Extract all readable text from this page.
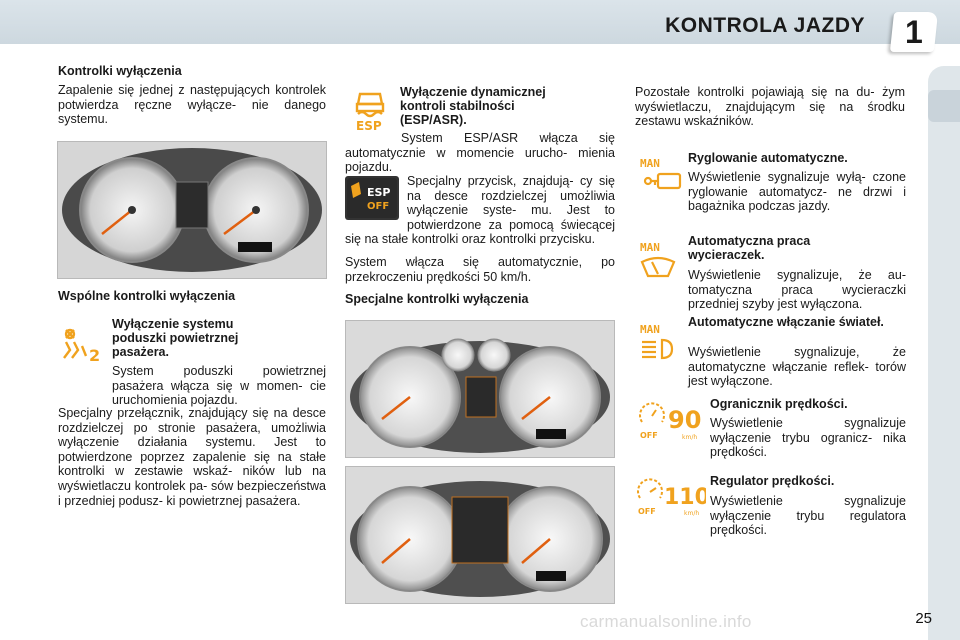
KONTROLA JAZDY	1
Kontrolki wyłączenia
Zapalenie się jednej z następujących kontrolek potwierdza ręczne wyłącze- nie danego systemu.
Wspólne kontrolki wyłączenia
2
Wyłączenie systemu poduszki powietrznej pasażera.
System poduszki powietrznej pasażera włącza się w momen- cie uruchomienia pojazdu.
Specjalny przełącznik, znajdujący się na desce rozdzielczej po stronie pasażera, umożliwia wyłączenie działania systemu. Jest to potwierdzone poprzez zapalenie się na stałe kontrolki w zestawie wskaź- ników lub na wyświetlaczu kontrolek pa- sów bezpieczeństwa i przedniej podusz- ki powietrznej pasażera.
ESP
Wyłączenie dynamicznej kontroli stabilności (ESP/ASR).
System ESP/ASR włącza się automatycznie w momencie urucho- mienia pojazdu.
ESP
OFF
Specjalny przycisk, znajdują- cy się na desce rozdzielczej umożliwia wyłączenie syste- mu. Jest to potwierdzone za pomocą świecącej się na stałe kontrolki oraz kontrolki przycisku.
System włącza się automatycznie, po przekroczeniu prędkości 50 km/h.
Specjalne kontrolki wyłączenia
Pozostałe kontrolki pojawiają się na du- żym wyświetlaczu, znajdującym się na środku zestawu wskaźników.
MAN Ryglowanie automatyczne.
Wyświetlenie sygnalizuje wyłą- czone ryglowanie automatycz- ne drzwi i bagażnika podczas jazdy.
MAN Automatyczna praca wycieraczek.
Wyświetlenie sygnalizuje, że au- tomatyczna praca wycieraczki przedniej szyby jest wyłączona.
MAN
Automatyczne włączanie świateł.
Wyświetlenie sygnalizuje, że automatyczne włączanie reflek- torów jest wyłączone.
OFF
90
km/h
Ogranicznik prędkości.
Wyświetlenie sygnalizuje wyłączenie trybu ogranicz- nika prędkości.
OFF
110
km/h
Regulator prędkości.
Wyświetlenie sygnalizuje wyłączenie trybu regulatora prędkości.
carmanualsonline.info	25
